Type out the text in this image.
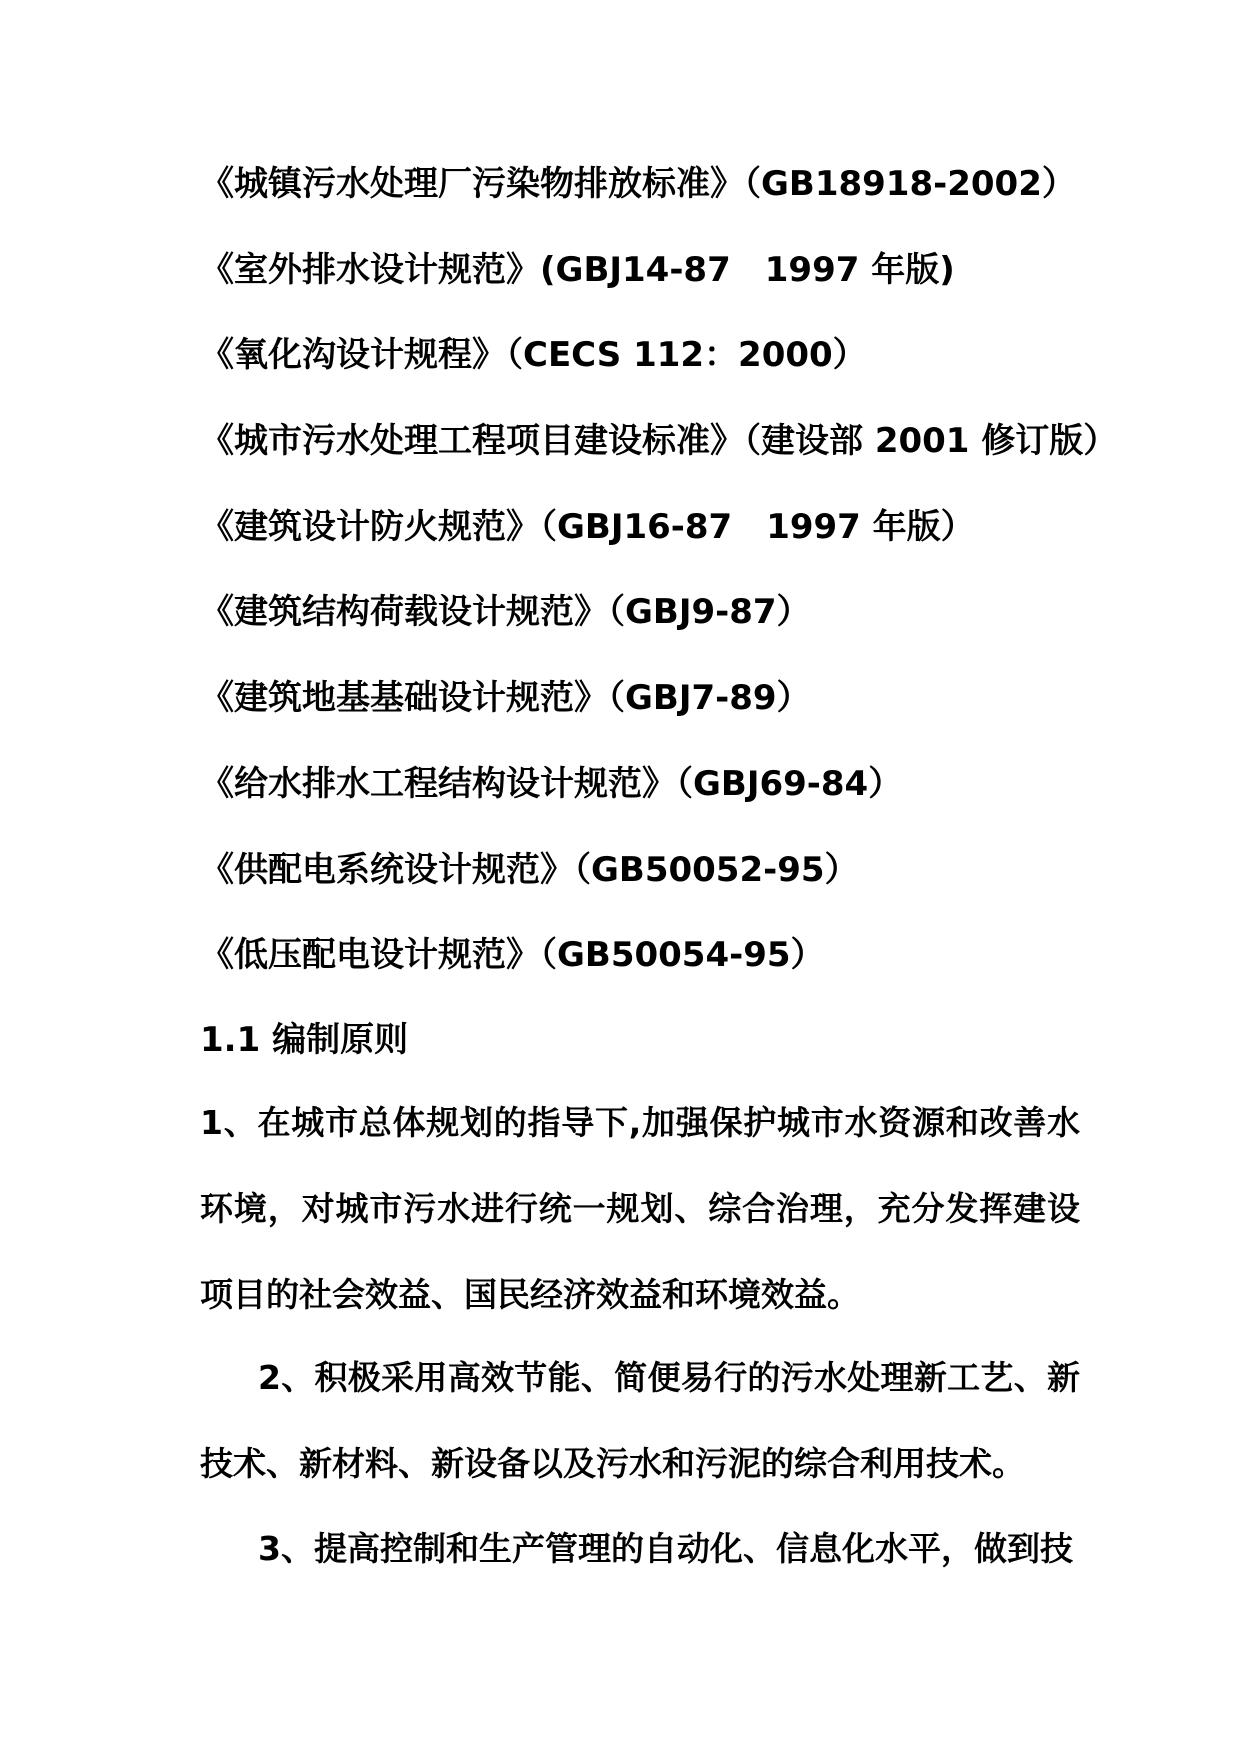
《城镇污水处理厂污染物排放标准》（GB18918-2002）
《室外排水设计规范》(GBJ14-87　1997 年版)
《氧化沟设计规程》（CECS 112：2000）
《城市污水处理工程项目建设标准》（建设部 2001 修订版）
《建筑设计防火规范》（GBJ16-87　1997 年版）
《建筑结构荷载设计规范》（GBJ9-87）
《建筑地基基础设计规范》（GBJ7-89）
《给水排水工程结构设计规范》（GBJ69-84）
《供配电系统设计规范》（GB50052-95）
《低压配电设计规范》（GB50054-95）
1.1 编制原则
1、在城市总体规划的指导下,加强保护城市水资源和改善水环境，对城市污水进行统一规划、综合治理，充分发挥建设项目的社会效益、国民经济效益和环境效益。
2、积极采用高效节能、简便易行的污水处理新工艺、新技术、新材料、新设备以及污水和污泥的综合利用技术。
3、提高控制和生产管理的自动化、信息化水平，做到技
